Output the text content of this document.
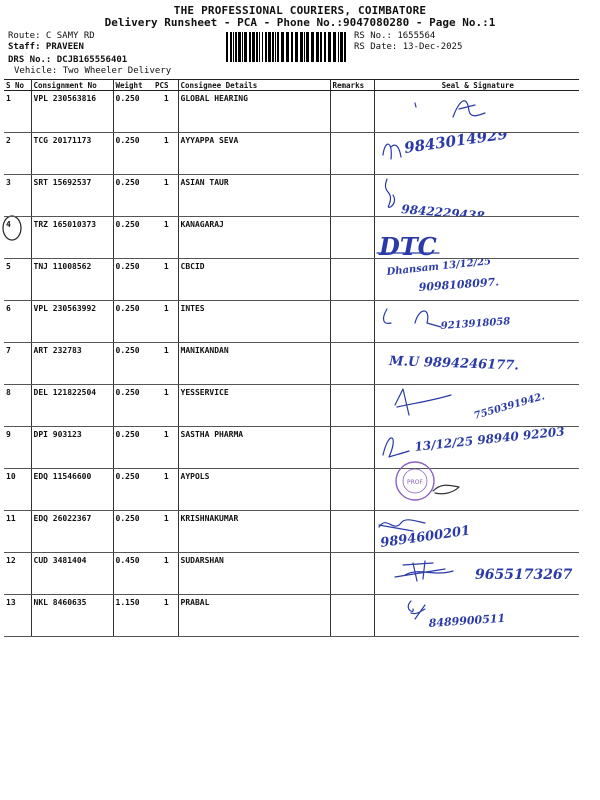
THE PROFESSIONAL COURIERS, COIMBATORE
Delivery Runsheet - PCA - Phone No.:9047080280 - Page No.:1
Route: C SAMY RD
Staff: PRAVEEN
DRS No.: DCJB165556401
Vehicle: Two Wheeler Delivery
RS No.: 1655564
RS Date: 13-Dec-2025
S No	Consignment No	Weight	PCS	Consignee Details	Remarks	Seal & Signature
1	VPL 230563816	0.250	1	GLOBAL HEARING		

2	TCG 20171173	0.250	1	AYYAPPA SEVA		9843014929

3	SRT 15692537	0.250	1	ASIAN TAUR		9842229438

4	TRZ 165010373	0.250	1	KANAGARAJ		DTC

5	TNJ 11008562	0.250	1	CBCID		Dhansam 13/12/25
9098108097.

6	VPL 230563992	0.250	1	INTES		9213918058

7	ART 232783	0.250	1	MANIKANDAN		M.U 9894246177.

8	DEL 121822504	0.250	1	YESSERVICE		7550391942.

9	DPI 903123	0.250	1	SASTHA PHARMA		13/12/25 98940 92203

10	EDQ 11546600	0.250	1	AYPOLS		
11	EDQ 26022367	0.250	1	KRISHNAKUMAR		9894600201

12	CUD 3481404	0.450	1	SUDARSHAN		9655173267

13	NKL 8460635	1.150	1	PRABAL		8489900511
PROF
